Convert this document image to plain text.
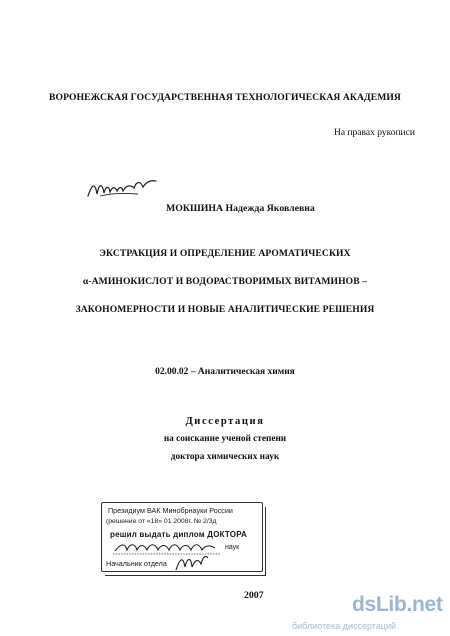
ВОРОНЕЖСКАЯ ГОСУДАРСТВЕННАЯ ТЕХНОЛОГИЧЕСКАЯ АКАДЕМИЯ
На правах рукописи
МОКШИНА Надежда Яковлевна
ЭКСТРАКЦИЯ И ОПРЕДЕЛЕНИЕ АРОМАТИЧЕСКИХ
α-АМИНОКИСЛОТ И ВОДОРАСТВОРИМЫХ ВИТАМИНОВ –
ЗАКОНОМЕРНОСТИ И НОВЫЕ АНАЛИТИЧЕСКИЕ РЕШЕНИЯ
02.00.02 – Аналитическая химия
Диссертация
на соискание ученой степени
доктора химических наук
Президиум ВАК Минобрнауки России
(решение от «18» 01 2008г. № 2/3д
решил выдать диплом ДОКТОРА
наук
Начальник отдела
2007	dsLib.net
библиотека диссертаций
